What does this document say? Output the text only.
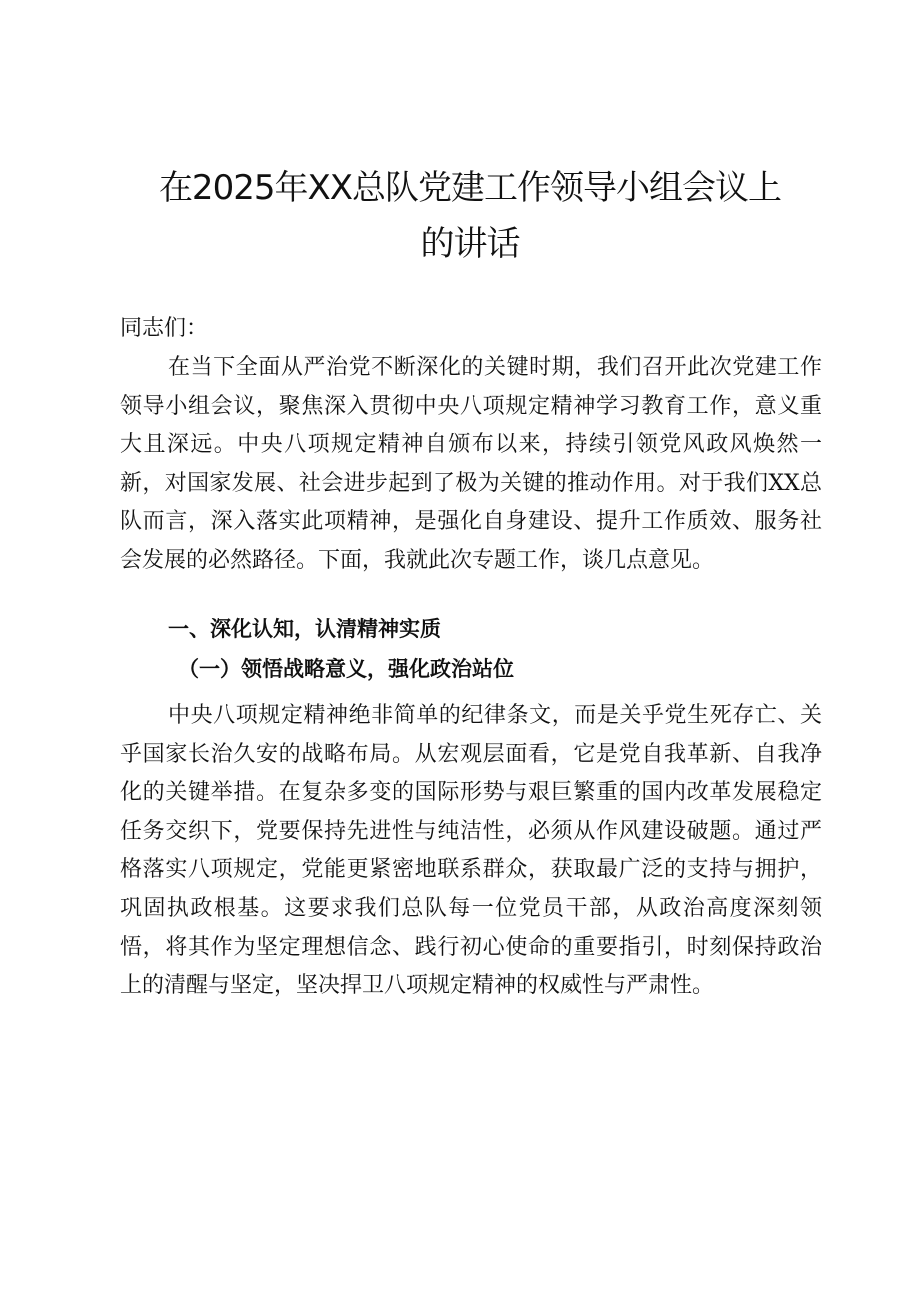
在2025年XX总队党建工作领导小组会议上
的讲话

同志们：

在当下全面从严治党不断深化的关键时期，我们召开此次党建工作领导小组会议，聚焦深入贯彻中央八项规定精神学习教育工作，意义重大且深远。中央八项规定精神自颁布以来，持续引领党风政风焕然一新，对国家发展、社会进步起到了极为关键的推动作用。对于我们XX总队而言，深入落实此项精神，是强化自身建设、提升工作质效、服务社会发展的必然路径。下面，我就此次专题工作，谈几点意见。

一、深化认知，认清精神实质

（一）领悟战略意义，强化政治站位

中央八项规定精神绝非简单的纪律条文，而是关乎党生死存亡、关乎国家长治久安的战略布局。从宏观层面看，它是党自我革新、自我净化的关键举措。在复杂多变的国际形势与艰巨繁重的国内改革发展稳定任务交织下，党要保持先进性与纯洁性，必须从作风建设破题。通过严格落实八项规定，党能更紧密地联系群众，获取最广泛的支持与拥护，巩固执政根基。这要求我们总队每一位党员干部，从政治高度深刻领悟，将其作为坚定理想信念、践行初心使命的重要指引，时刻保持政治上的清醒与坚定，坚决捍卫八项规定精神的权威性与严肃性。
